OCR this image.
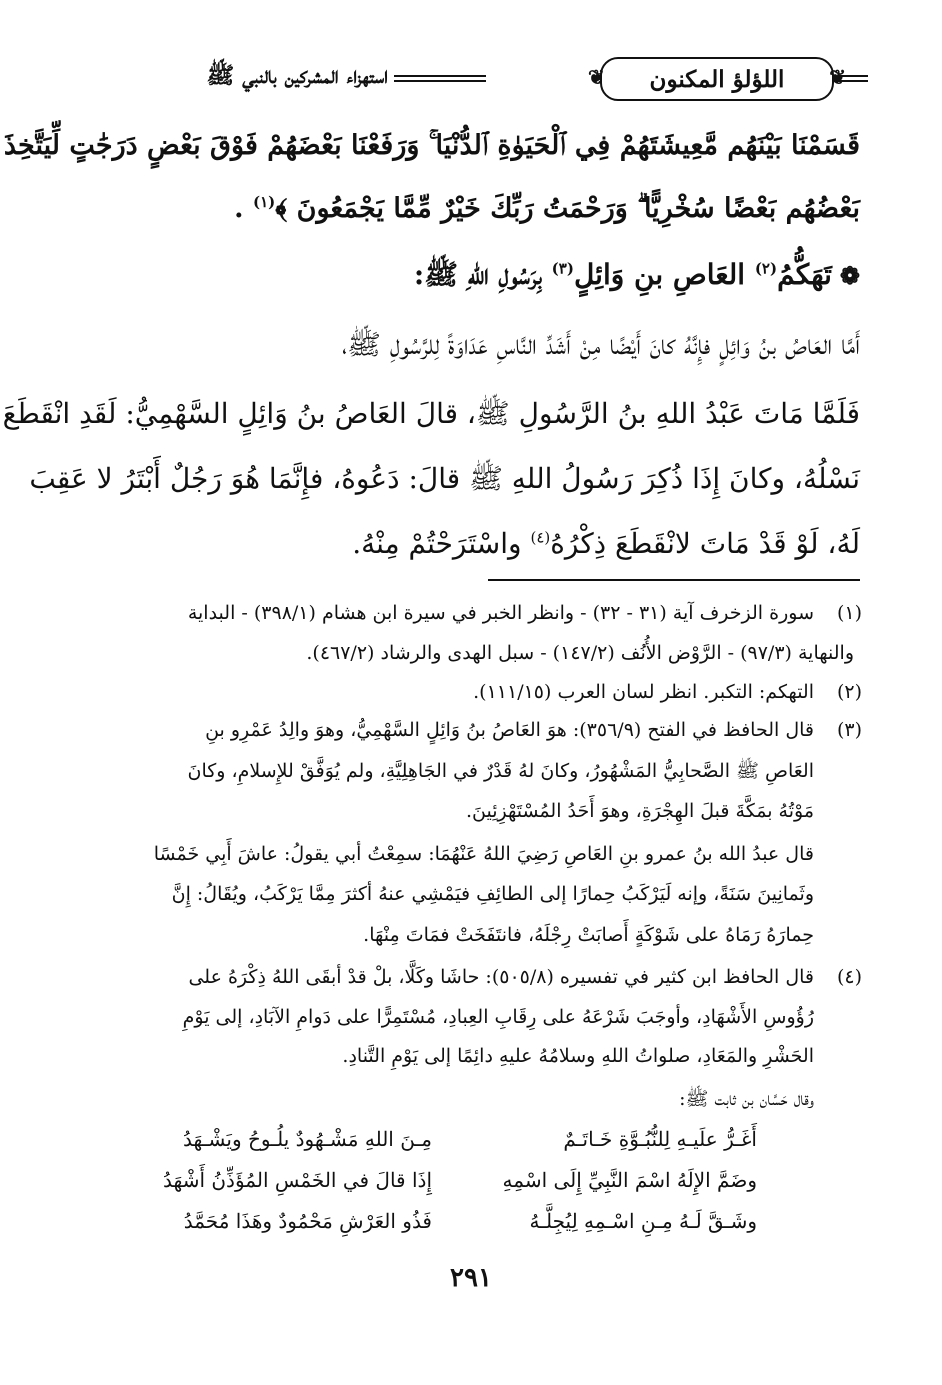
❦
اللؤلؤ المكنون
❦
استهزاء المشركين بالنبي ﷺ
قَسَمْنَا بَيْنَهُم مَّعِيشَتَهُمْ فِي ٱلْحَيَوٰةِ ٱلدُّنْيَا ۚ وَرَفَعْنَا بَعْضَهُمْ فَوْقَ بَعْضٍ دَرَجَٰتٍ لِّيَتَّخِذَ
بَعْضُهُم بَعْضًا سُخْرِيًّا ۗ وَرَحْمَتُ رَبِّكَ خَيْرٌ مِّمَّا يَجْمَعُونَ ﴾$^{(١)}$ .
❁تَهَكُّمُ$^{(٢)}$ العَاصِ بنِ وَائِلٍ$^{(٣)}$ بِرَسُولِ اللهِ ﷺ:
أَمَّا العَاصُ بنُ وَائِلٍ فإِنَّهُ كانَ أَيْضًا مِنْ أَشَدِّ النَّاسِ عَدَاوَةً لِلرَّسُولِ ﷺ،
فَلَمَّا مَاتَ عَبْدُ اللهِ بنُ الرَّسُولِ ﷺ، قالَ العَاصُ بنُ وَائِلٍ السَّهْمِيُّ: لَقَدِ انْقَطَعَ
نَسْلُهُ، وكانَ إِذَا ذُكِرَ رَسُولُ اللهِ ﷺ قالَ: دَعُوهُ، فإِنَّمَا هُوَ رَجُلٌ أَبْتَرُ لا عَقِبَ
لَهُ، لَوْ قَدْ مَاتَ لانْقَطَعَ ذِكْرُهُ$^{(٤)}$ واسْتَرَحْتُمْ مِنْهُ.
(١)
سورة الزخرف آية (٣١ - ٣٢) - وانظر الخبر في سيرة ابن هشام (٣٩٨/١) - البداية
والنهاية (٩٧/٣) - الرَّوْض الأُنُف (١٤٧/٢) - سبل الهدى والرشاد (٤٦٧/٢).
(٢)
التهكم: التكبر. انظر لسان العرب (١١١/١٥).
(٣)
قال الحافظ في الفتح (٣٥٦/٩): هوَ العَاصُ بنُ وَائِلٍ السَّهْمِيُّ، وهوَ والِدُ عَمْرِو بنِ
العَاصِ ﷺ الصَّحابِيُّ المَشْهُورُ، وكانَ لهُ قَدْرٌ في الجَاهِلِيَّةِ، ولم يُوَفَّقْ للإِسلامِ، وكانَ
مَوْتُهُ بمَكَّةَ قبلَ الهِجْرَةِ، وهوَ أَحَدُ المُسْتَهْزِئِينَ.
قال عبدُ الله بنُ عمرو بنِ العَاصِ رَضِيَ اللهُ عَنْهُمَا: سمِعْتُ أبي يقولُ: عاشَ أَبِي خَمْسًا
وثَمانِينَ سَنَةً، وإنه لَيَرْكَبُ حِمارًا إلى الطائِفِ فيَمْشِي عنهُ أكثرَ مِمَّا يَرْكَبُ، ويُقَالُ: إِنَّ
حِمارَهُ رَمَاهُ على شَوْكَةٍ أَصابَتْ رِجْلَهُ، فانتَفَخَتْ فمَاتَ مِنْهَا.
(٤)
قال الحافظ ابن كثير في تفسيره (٥٠٥/٨): حاشَا وكَلَّا، بلْ قدْ أبقَى اللهُ ذِكْرَهُ على
رُؤُوسِ الأَشْهَادِ، وأوجَبَ شَرْعَهُ على رِقَابِ العِبادِ، مُسْتَمِرًّا على دَوامِ الآبَادِ، إلى يَوْمِ
الحَشْرِ والمَعَادِ، صلواتُ اللهِ وسلامُهُ عليهِ دائِمًا إلى يَوْمِ التَّنادِ.
وقال حَسَّان بن ثابت ﷺ:
أَغَـرُّ علَيـهِ لِلنُّبُـوَّةِ خَـاتَـمٌ
مِـنَ اللهِ مَشْـهُودٌ يلُـوحُ ويَشْـهَدُ
وضَمَّ الإِلَهُ اسْمَ النَّبِيِّ إِلَى اسْمِهِ
إِذَا قالَ في الخَمْسِ المُؤَذِّنُ أَشْهَدُ
وشَـقَّ لَـهُ مِـنِ اسْـمِهِ لِيُجِلَّـهُ
فَذُو العَرْشِ مَحْمُودٌ وهَذَا مُحَمَّدُ
٢٩١
